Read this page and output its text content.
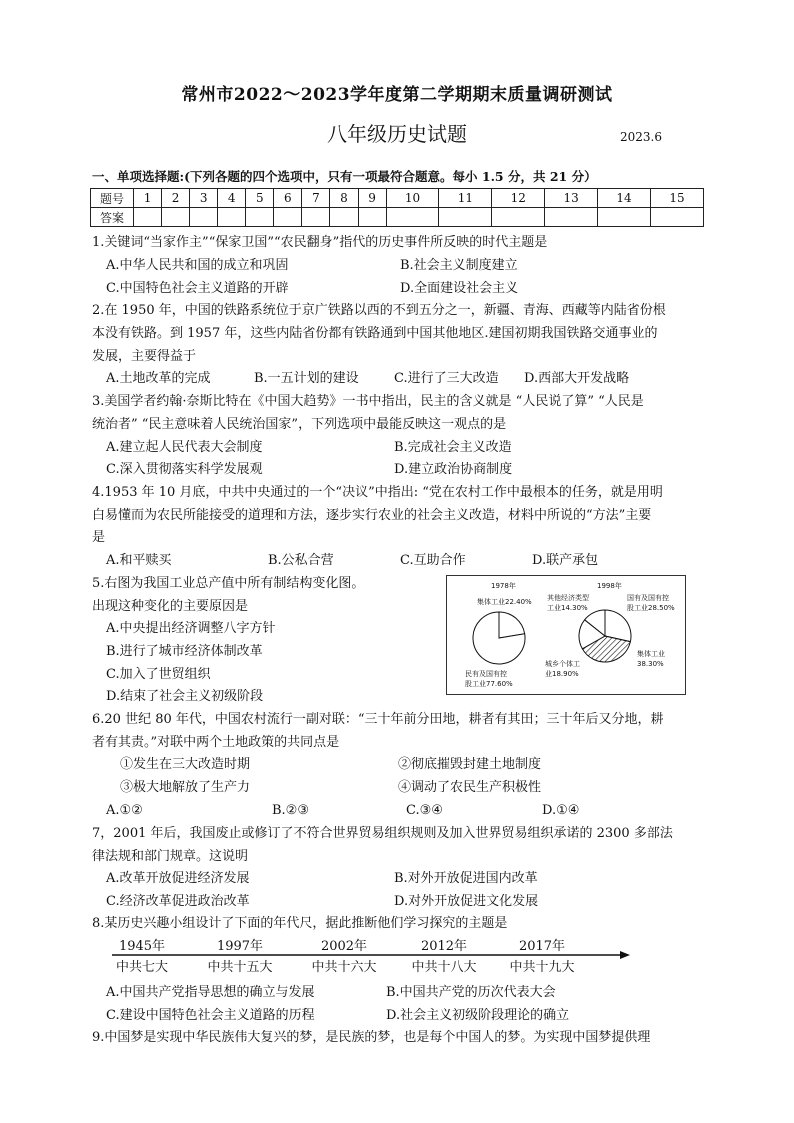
常州市2022～2023学年度第二学期期末质量调研测试
八年级历史试题	2023.6
一、单项选择题:(下列各题的四个选项中，只有一项最符合题意。每小 1.5 分，共 21 分）
题号	1	2	3	4	5	6	7	8	9	10	11	12	13	14	15
答案															
1.关键词“当家作主”“保家卫国”“农民翻身”指代的历史事件所反映的时代主题是
A.中华人民共和国的成立和巩固	B.社会主义制度建立
C.中国特色社会主义道路的开辟	D.全面建设社会主义
2.在 1950 年，中国的铁路系统位于京广铁路以西的不到五分之一，新疆、青海、西藏等内陆省份根
本没有铁路。到 1957 年，这些内陆省份都有铁路通到中国其他地区.建国初期我国铁路交通事业的
发展，主要得益于
A.土地改革的完成	B.一五计划的建设	C.进行了三大改造 D.西部大开发战略
3.美国学者约翰·奈斯比特在《中国大趋势》一书中指出，民主的含义就是 “人民说了算” “人民是
统治者” “民主意味着人民统治国家”，下列选项中最能反映这一观点的是
A.建立起人民代表大会制度	B.完成社会主义改造
C.深入贯彻落实科学发展观	D.建立政治协商制度
4.1953 年 10 月底，中共中央通过的一个“决议”中指出: “党在农村工作中最根本的任务，就是用明
白易懂而为农民所能接受的道理和方法，逐步实行农业的社会主义改造，材料中所说的“方法”主要
是
A.和平赎买	B.公私合营	C.互助合作	D.联产承包
5.右图为我国工业总产值中所有制结构变化图。
出现这种变化的主要原因是
A.中央提出经济调整八字方针
B.进行了城市经济体制改革
C.加入了世贸组织
D.结束了社会主义初级阶段
1978年
集体工业22.40%
民有及国有控
股工业77.60%
1998年
其他经济类型
工业14.30%
国有及国有控
股工业28.50%
集体工业
38.30%
城乡个体工
业18.90%
6.20 世纪 80 年代，中国农村流行一副对联：“三十年前分田地，耕者有其田；三十年后又分地，耕
者有其责。”对联中两个土地政策的共同点是
①发生在三大改造时期	②彻底摧毁封建土地制度
③极大地解放了生产力	④调动了农民生产积极性
A.①②	B.②③	C.③④	D.①④
7，2001 年后，我国废止或修订了不符合世界贸易组织规则及加入世界贸易组织承诺的 2300 多部法
律法规和部门规章。这说明
A.改革开放促进经济发展	B.对外开放促进国内改革
C.经济改革促进政治改革	D.对外开放促进文化发展
8.某历史兴趣小组设计了下面的年代尺，据此推断他们学习探究的主题是
1945年	1997年	2002年	2012年	2017年
中共七大	中共十五大	中共十六大	中共十八大	中共十九大
A.中国共产党指导思想的确立与发展	B.中国共产党的历次代表大会
C.建设中国特色社会主义道路的历程	D.社会主义初级阶段理论的确立
9.中国梦是实现中华民族伟大复兴的梦，是民族的梦，也是每个中国人的梦。为实现中国梦提供理
